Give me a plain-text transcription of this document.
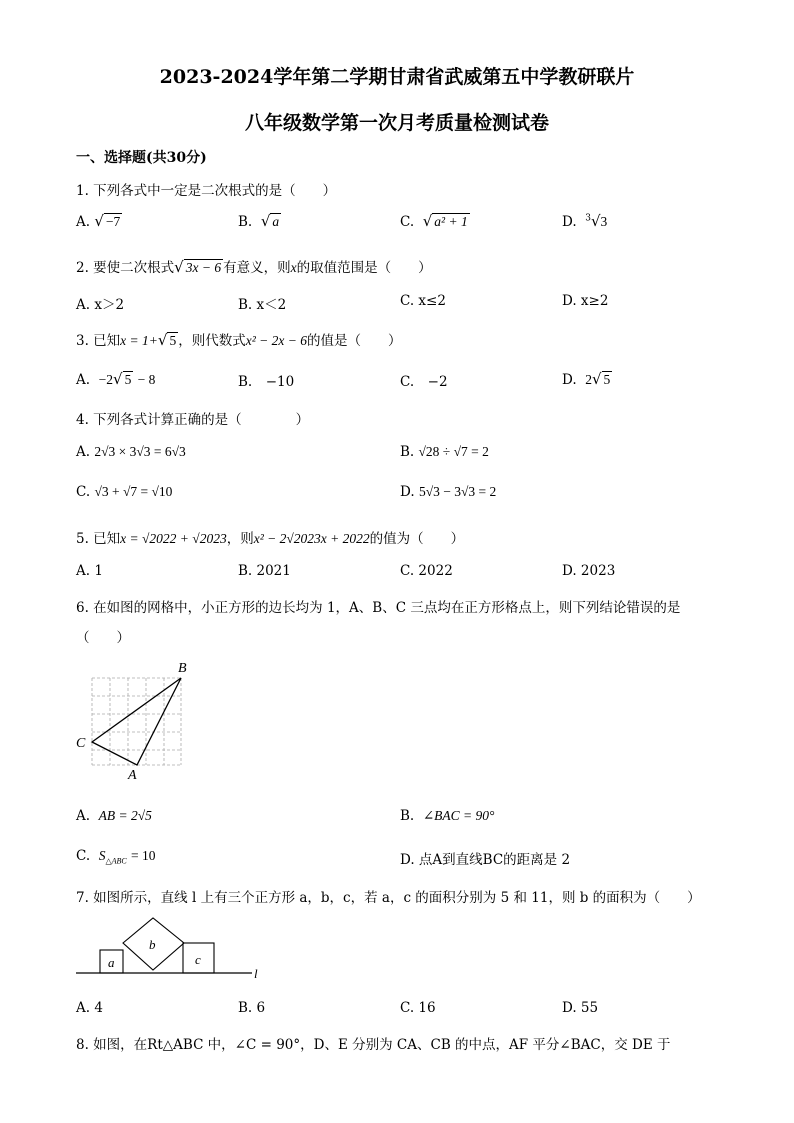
2023-2024学年第二学期甘肃省武威第五中学教研联片
八年级数学第一次月考质量检测试卷
一、选择题(共30分)
1. 下列各式中一定是二次根式的是（　　）
A. √ −7	B. √ a	C. √ a² + 1	D. $^3$√3
2. 要使二次根式√ 3x − 6 有意义，则x的取值范围是（　　）
A. x＞2	B. x＜2	C. x≤2	D. x≥2
3. 已知x = 1+√ 5 ，则代数式x² − 2x − 6的值是（　　）
A. −2√ 5 − 8	B.　−10	C.　−2	D. 2√ 5
4. 下列各式计算正确的是（　　　　）
A. 2√3 × 3√3 = 6√3	B. √28 ÷ √7 = 2
C. √3 + √7 = √10	D. 5√3 − 3√3 = 2
5. 已知x = √2022 + √2023，则x² − 2√2023x + 2022的值为（　　）
A. 1	B. 2021	C. 2022	D. 2023
6. 在如图的网格中，小正方形的边长均为 1，A、B、C 三点均在正方形格点上，则下列结论错误的是
（　　）
B
C
A
A. AB = 2√5	B. ∠BAC = 90°
C. $S_{\triangle ABC} = 10$	D. 点A到直线BC的距离是 2
7. 如图所示，直线 l 上有三个正方形 a，b，c，若 a，c 的面积分别为 5 和 11，则 b 的面积为（　　）
a
b
c
l
A. 4	B. 6	C. 16	D. 55
8. 如图，在Rt△ABC 中，∠C = 90°，D、E 分别为 CA、CB 的中点，AF 平分∠BAC，交 DE 于
